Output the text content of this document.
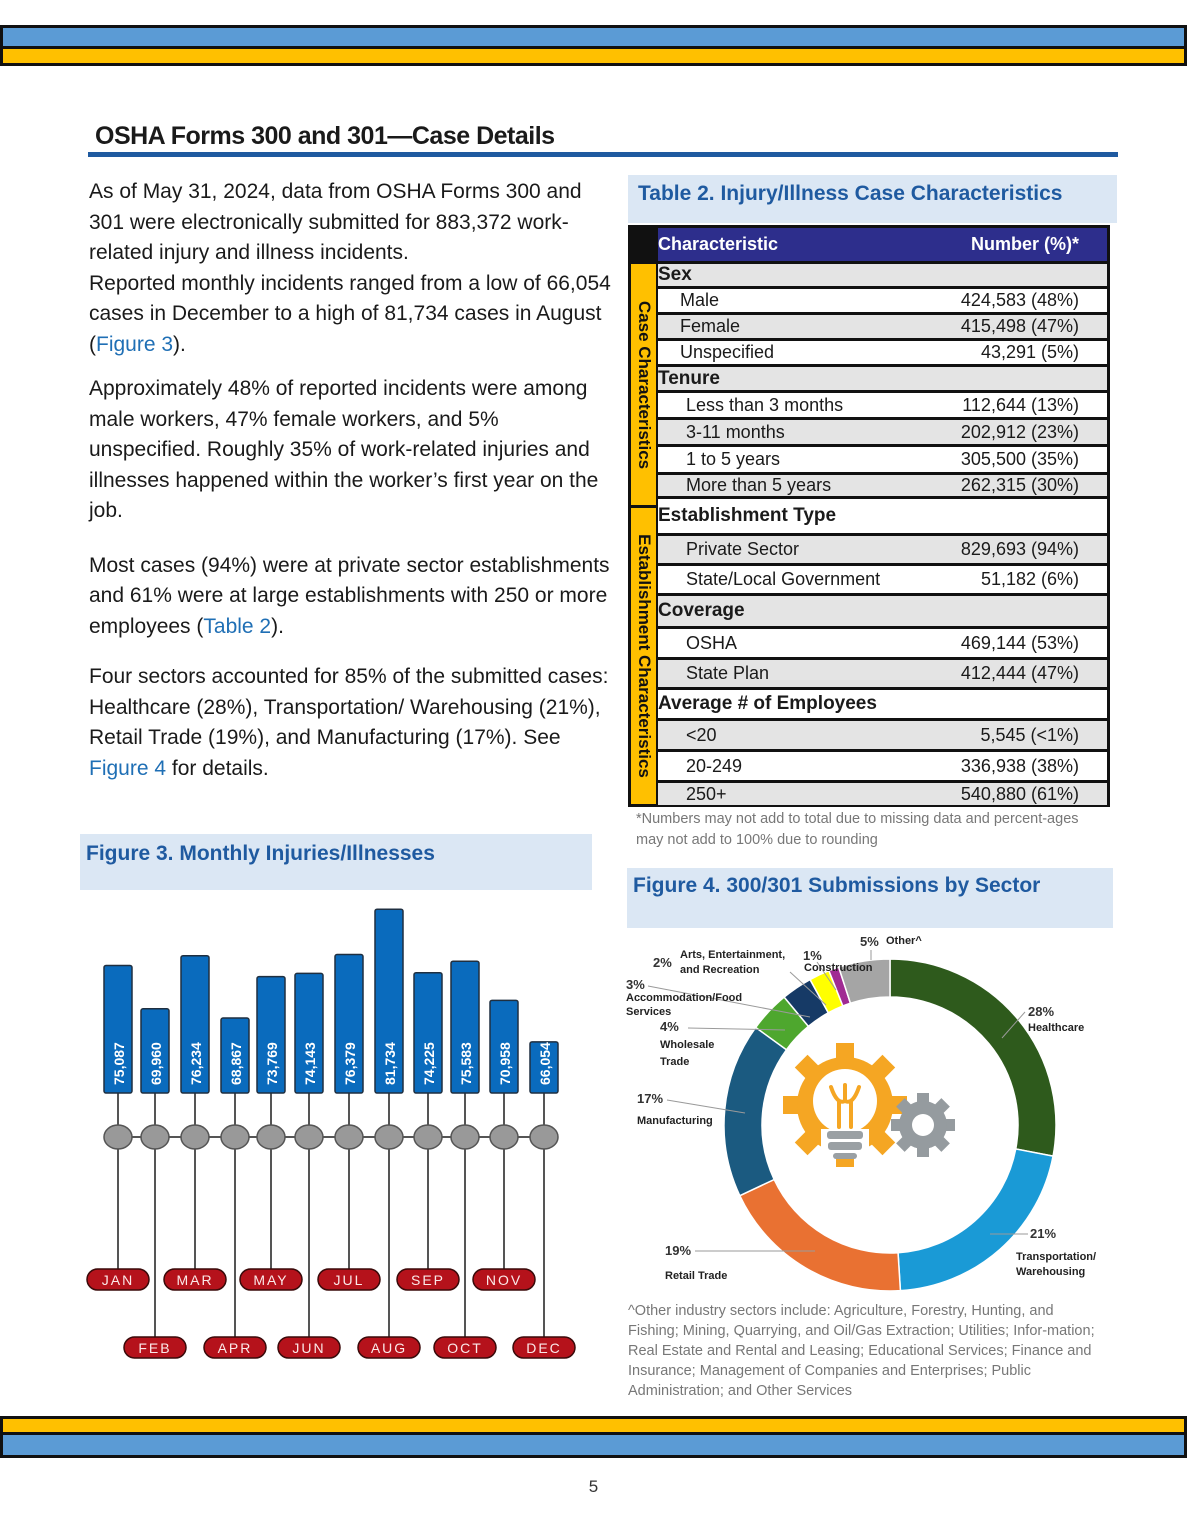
OSHA Forms 300 and 301—Case Details

As of May 31, 2024, data from OSHA Forms 300 and 301 were electronically submitted for 883,372 work-related injury and illness incidents.

Reported monthly incidents ranged from a low of 66,054 cases in December to a high of 81,734 cases in August (Figure 3).

Approximately 48% of reported incidents were among male workers, 47% female workers, and 5% unspecified. Roughly 35% of work-related injuries and illnesses happened within the worker’s first year on the job.

Most cases (94%) were at private sector establishments and 61% were at large establishments with 250 or more employees (Table 2).

Four sectors accounted for 85% of the submitted cases: Healthcare (28%), Transportation/ Warehousing (21%), Retail Trade (19%), and Manufacturing (17%). See Figure 4 for details.

Table 2. Injury/Illness Case Characteristics
Case Characteristics
Establishment Characteristics
Characteristic	Number (%)*
Sex
Male	424,583 (48%)
Female	415,498 (47%)
Unspecified	43,291 (5%)
Tenure
Less than 3 months	112,644 (13%)
3-11 months	202,912 (23%)
1 to 5 years	305,500 (35%)
More than 5 years	262,315 (30%)
Establishment Type
Private Sector	829,693 (94%)
State/Local Government	51,182 (6%)
Coverage
OSHA	469,144 (53%)
State Plan	412,444 (47%)
Average # of Employees
<20	5,545 (<1%)
20-249	336,938 (38%)
250+	540,880 (61%)
*Numbers may not add to total due to missing data and percent-ages may not add to 100% due to rounding
Figure 3. Monthly Injuries/Illnesses
75,087
JAN
69,960
FEB
76,234
MAR
68,867
APR
73,769
MAY
74,143
JUN
76,379
JUL
81,734
AUG
74,225
SEP
75,583
OCT
70,958
NOV
66,054
DEC
Figure 4. 300/301 Submissions by Sector
28%
Healthcare
21%
Transportation/
Warehousing
19%
Retail Trade
17%
Manufacturing
4%
Wholesale
Trade
3%
Accommodation/Food
Services
2% Arts, Entertainment,
and Recreation
1%
Construction
5% Other^
^Other industry sectors include: Agriculture, Forestry, Hunting, and Fishing; Mining, Quarrying, and Oil/Gas Extraction; Utilities; Infor-mation; Real Estate and Rental and Leasing; Educational Services; Finance and Insurance; Management of Companies and Enterprises; Public Administration; and Other Services
5
